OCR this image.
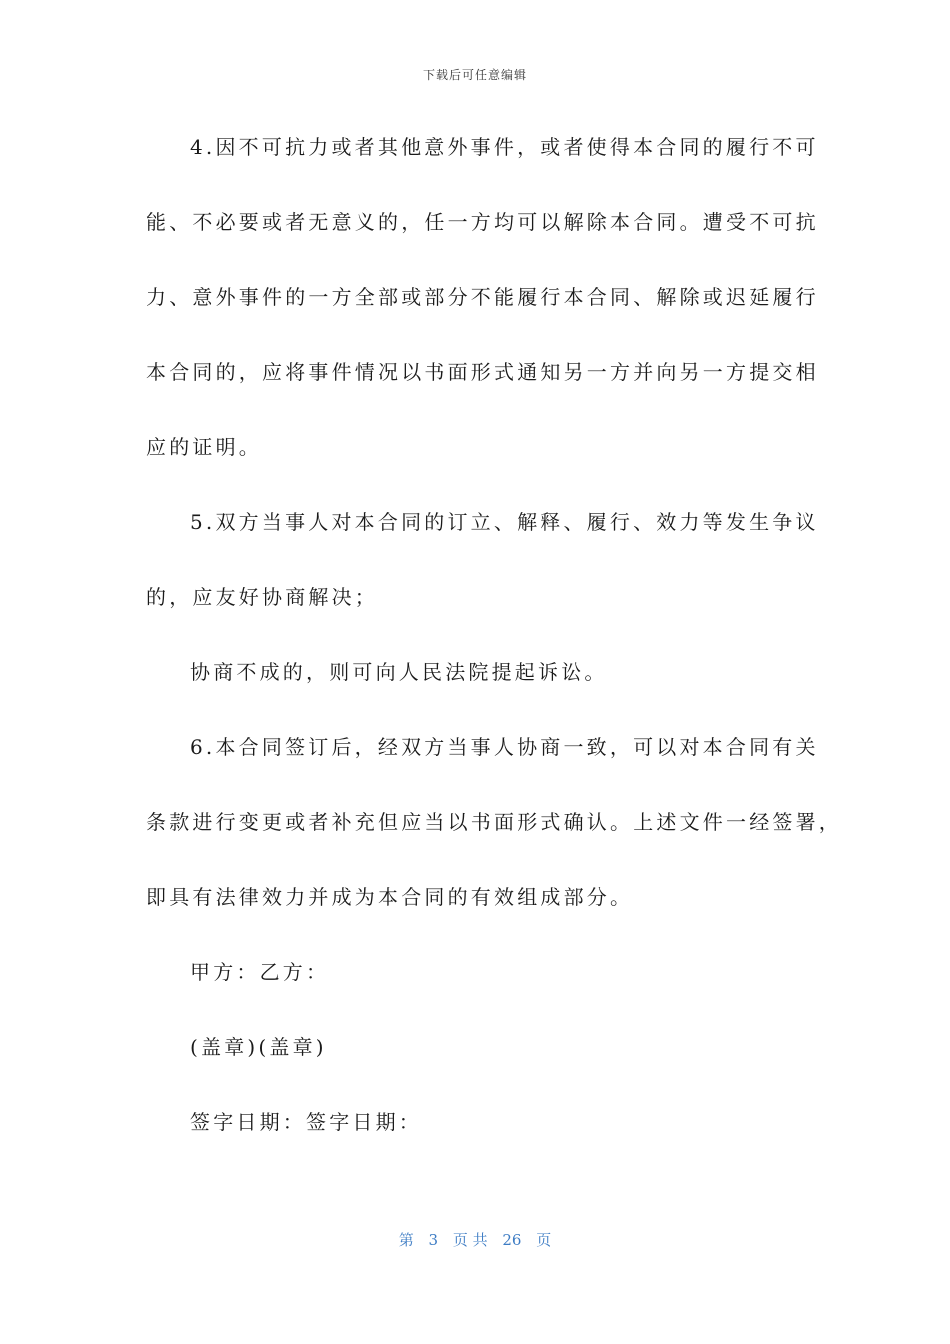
下载后可任意编辑
4.因不可抗力或者其他意外事件，或者使得本合同的履行不可
能、不必要或者无意义的，任一方均可以解除本合同。遭受不可抗
力、意外事件的一方全部或部分不能履行本合同、解除或迟延履行
本合同的，应将事件情况以书面形式通知另一方并向另一方提交相
应的证明。
5.双方当事人对本合同的订立、解释、履行、效力等发生争议
的，应友好协商解决；
协商不成的，则可向人民法院提起诉讼。
6.本合同签订后，经双方当事人协商一致，可以对本合同有关
条款进行变更或者补充但应当以书面形式确认。上述文件一经签署，
即具有法律效力并成为本合同的有效组成部分。
甲方：乙方：
(盖章)(盖章)
签字日期：签字日期：
第 3 页 共 26 页
